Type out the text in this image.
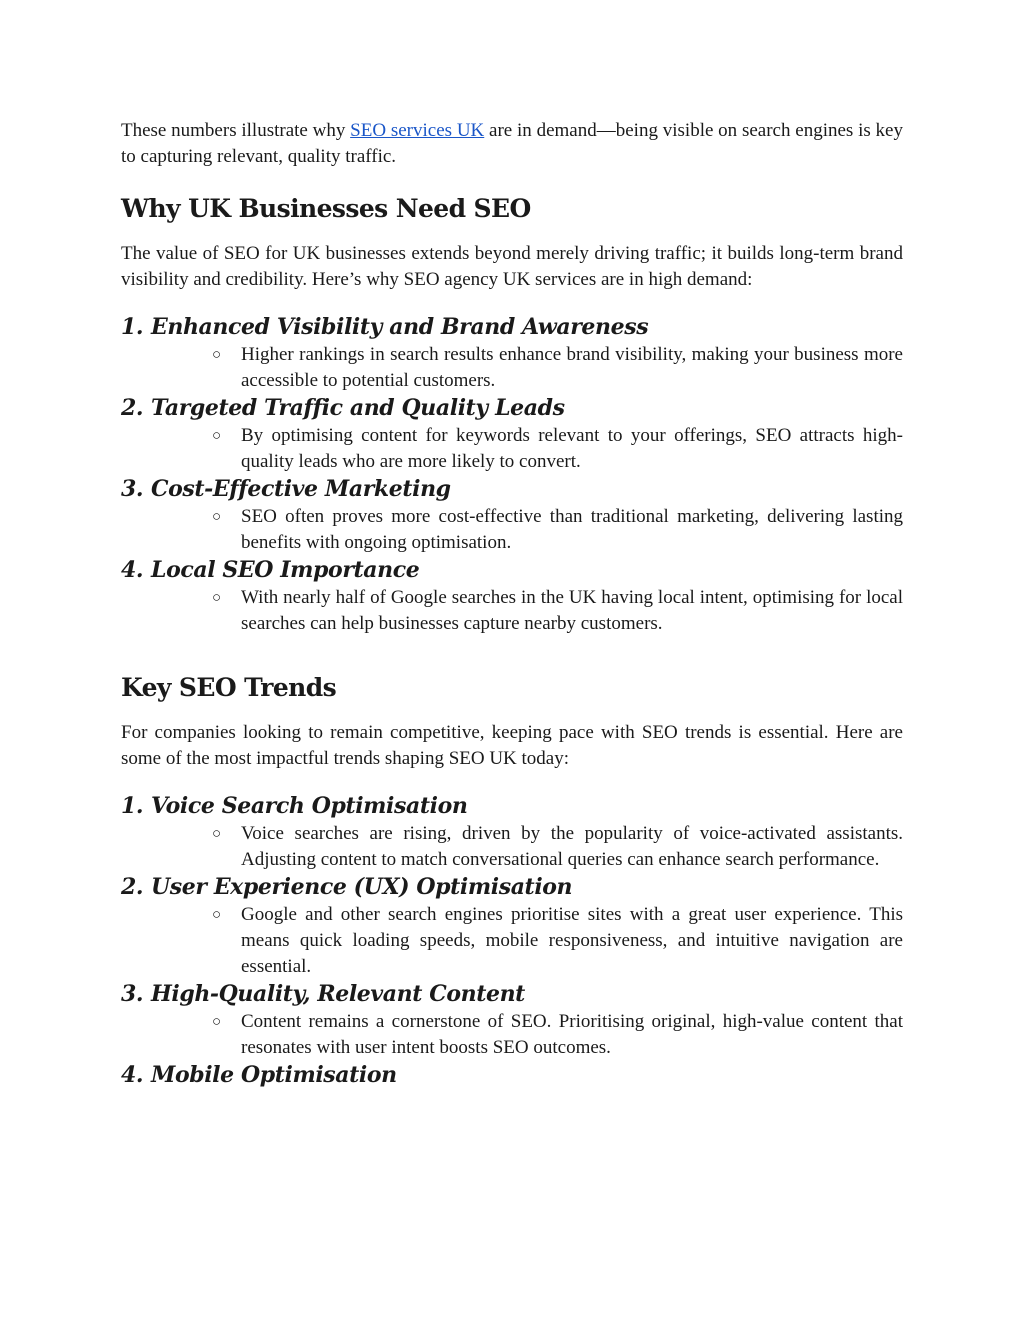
These numbers illustrate why SEO services UK are in demand—being visible on search engines is key to capturing relevant, quality traffic.

Why UK Businesses Need SEO

The value of SEO for UK businesses extends beyond merely driving traffic; it builds long-term brand visibility and credibility. Here’s why SEO agency UK services are in high demand:

1. Enhanced Visibility and Brand Awareness
○ Higher rankings in search results enhance brand visibility, making your business more accessible to potential customers.
2. Targeted Traffic and Quality Leads
○ By optimising content for keywords relevant to your offerings, SEO attracts high-quality leads who are more likely to convert.
3. Cost-Effective Marketing
○ SEO often proves more cost-effective than traditional marketing, delivering lasting benefits with ongoing optimisation.
4. Local SEO Importance
○ With nearly half of Google searches in the UK having local intent, optimising for local searches can help businesses capture nearby customers.
Key SEO Trends

For companies looking to remain competitive, keeping pace with SEO trends is essential. Here are some of the most impactful trends shaping SEO UK today:

1. Voice Search Optimisation
○ Voice searches are rising, driven by the popularity of voice-activated assistants. Adjusting content to match conversational queries can enhance search performance.
2. User Experience (UX) Optimisation
○ Google and other search engines prioritise sites with a great user experience. This means quick loading speeds, mobile responsiveness, and intuitive navigation are essential.
3. High-Quality, Relevant Content
○ Content remains a cornerstone of SEO. Prioritising original, high-value content that resonates with user intent boosts SEO outcomes.
4. Mobile Optimisation
